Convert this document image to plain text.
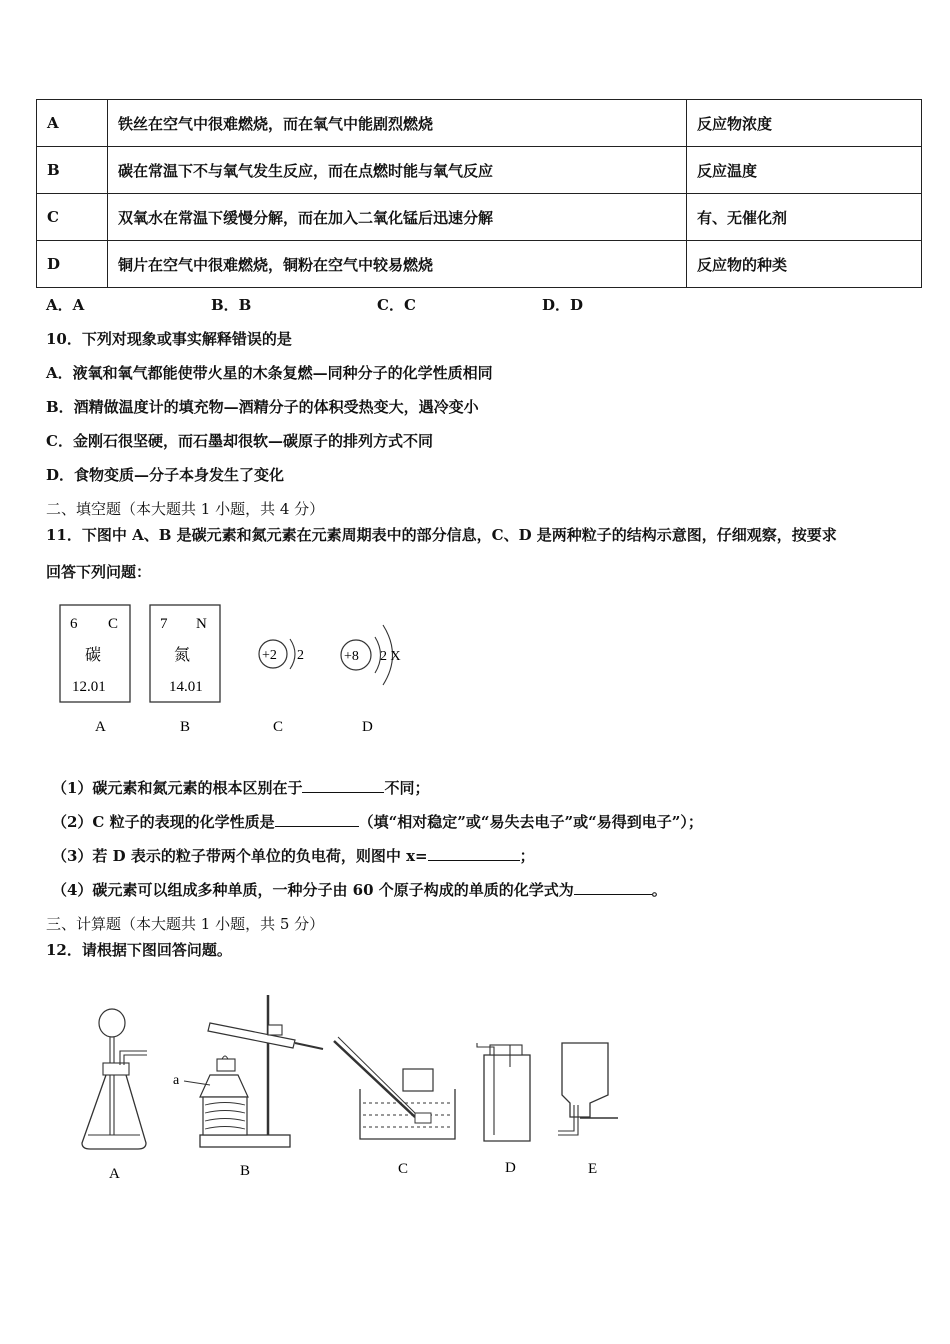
A	铁丝在空气中很难燃烧，而在氧气中能剧烈燃烧	反应物浓度
B	碳在常温下不与氧气发生反应，而在点燃时能与氧气反应	反应温度
C	双氧水在常温下缓慢分解，而在加入二氧化锰后迅速分解	有、无催化剂
D	铜片在空气中很难燃烧，铜粉在空气中较易燃烧	反应物的种类
A．A	B．B	C．C	D．D
10．下列对现象或事实解释错误的是
A．液氧和氧气都能使带火星的木条复燃—同种分子的化学性质相同
B．酒精做温度计的填充物—酒精分子的体积受热变大，遇冷变小
C．金刚石很坚硬，而石墨却很软—碳原子的排列方式不同
D．食物变质—分子本身发生了变化
二、填空题（本大题共 1 小题，共 4 分）
11．下图中 A、B 是碳元素和氮元素在元素周期表中的部分信息，C、D 是两种粒子的结构示意图，仔细观察，按要求
回答下列问题：
6 C
碳
12.01
7 N
氮
14.01
+2 2	+8 2 X
A	B	C	D
（1）碳元素和氮元素的根本区别在于	不同；
（2）C 粒子的表现的化学性质是	（填“相对稳定”或“易失去电子”或“易得到电子”）；
（3）若 D 表示的粒子带两个单位的负电荷，则图中 x=	；
（4）碳元素可以组成多种单质，一种分子由 60 个原子构成的单质的化学式为	。
三、计算题（本大题共 1 小题，共 5 分）
12．请根据下图回答问题。
a
A	B	C	D	E
